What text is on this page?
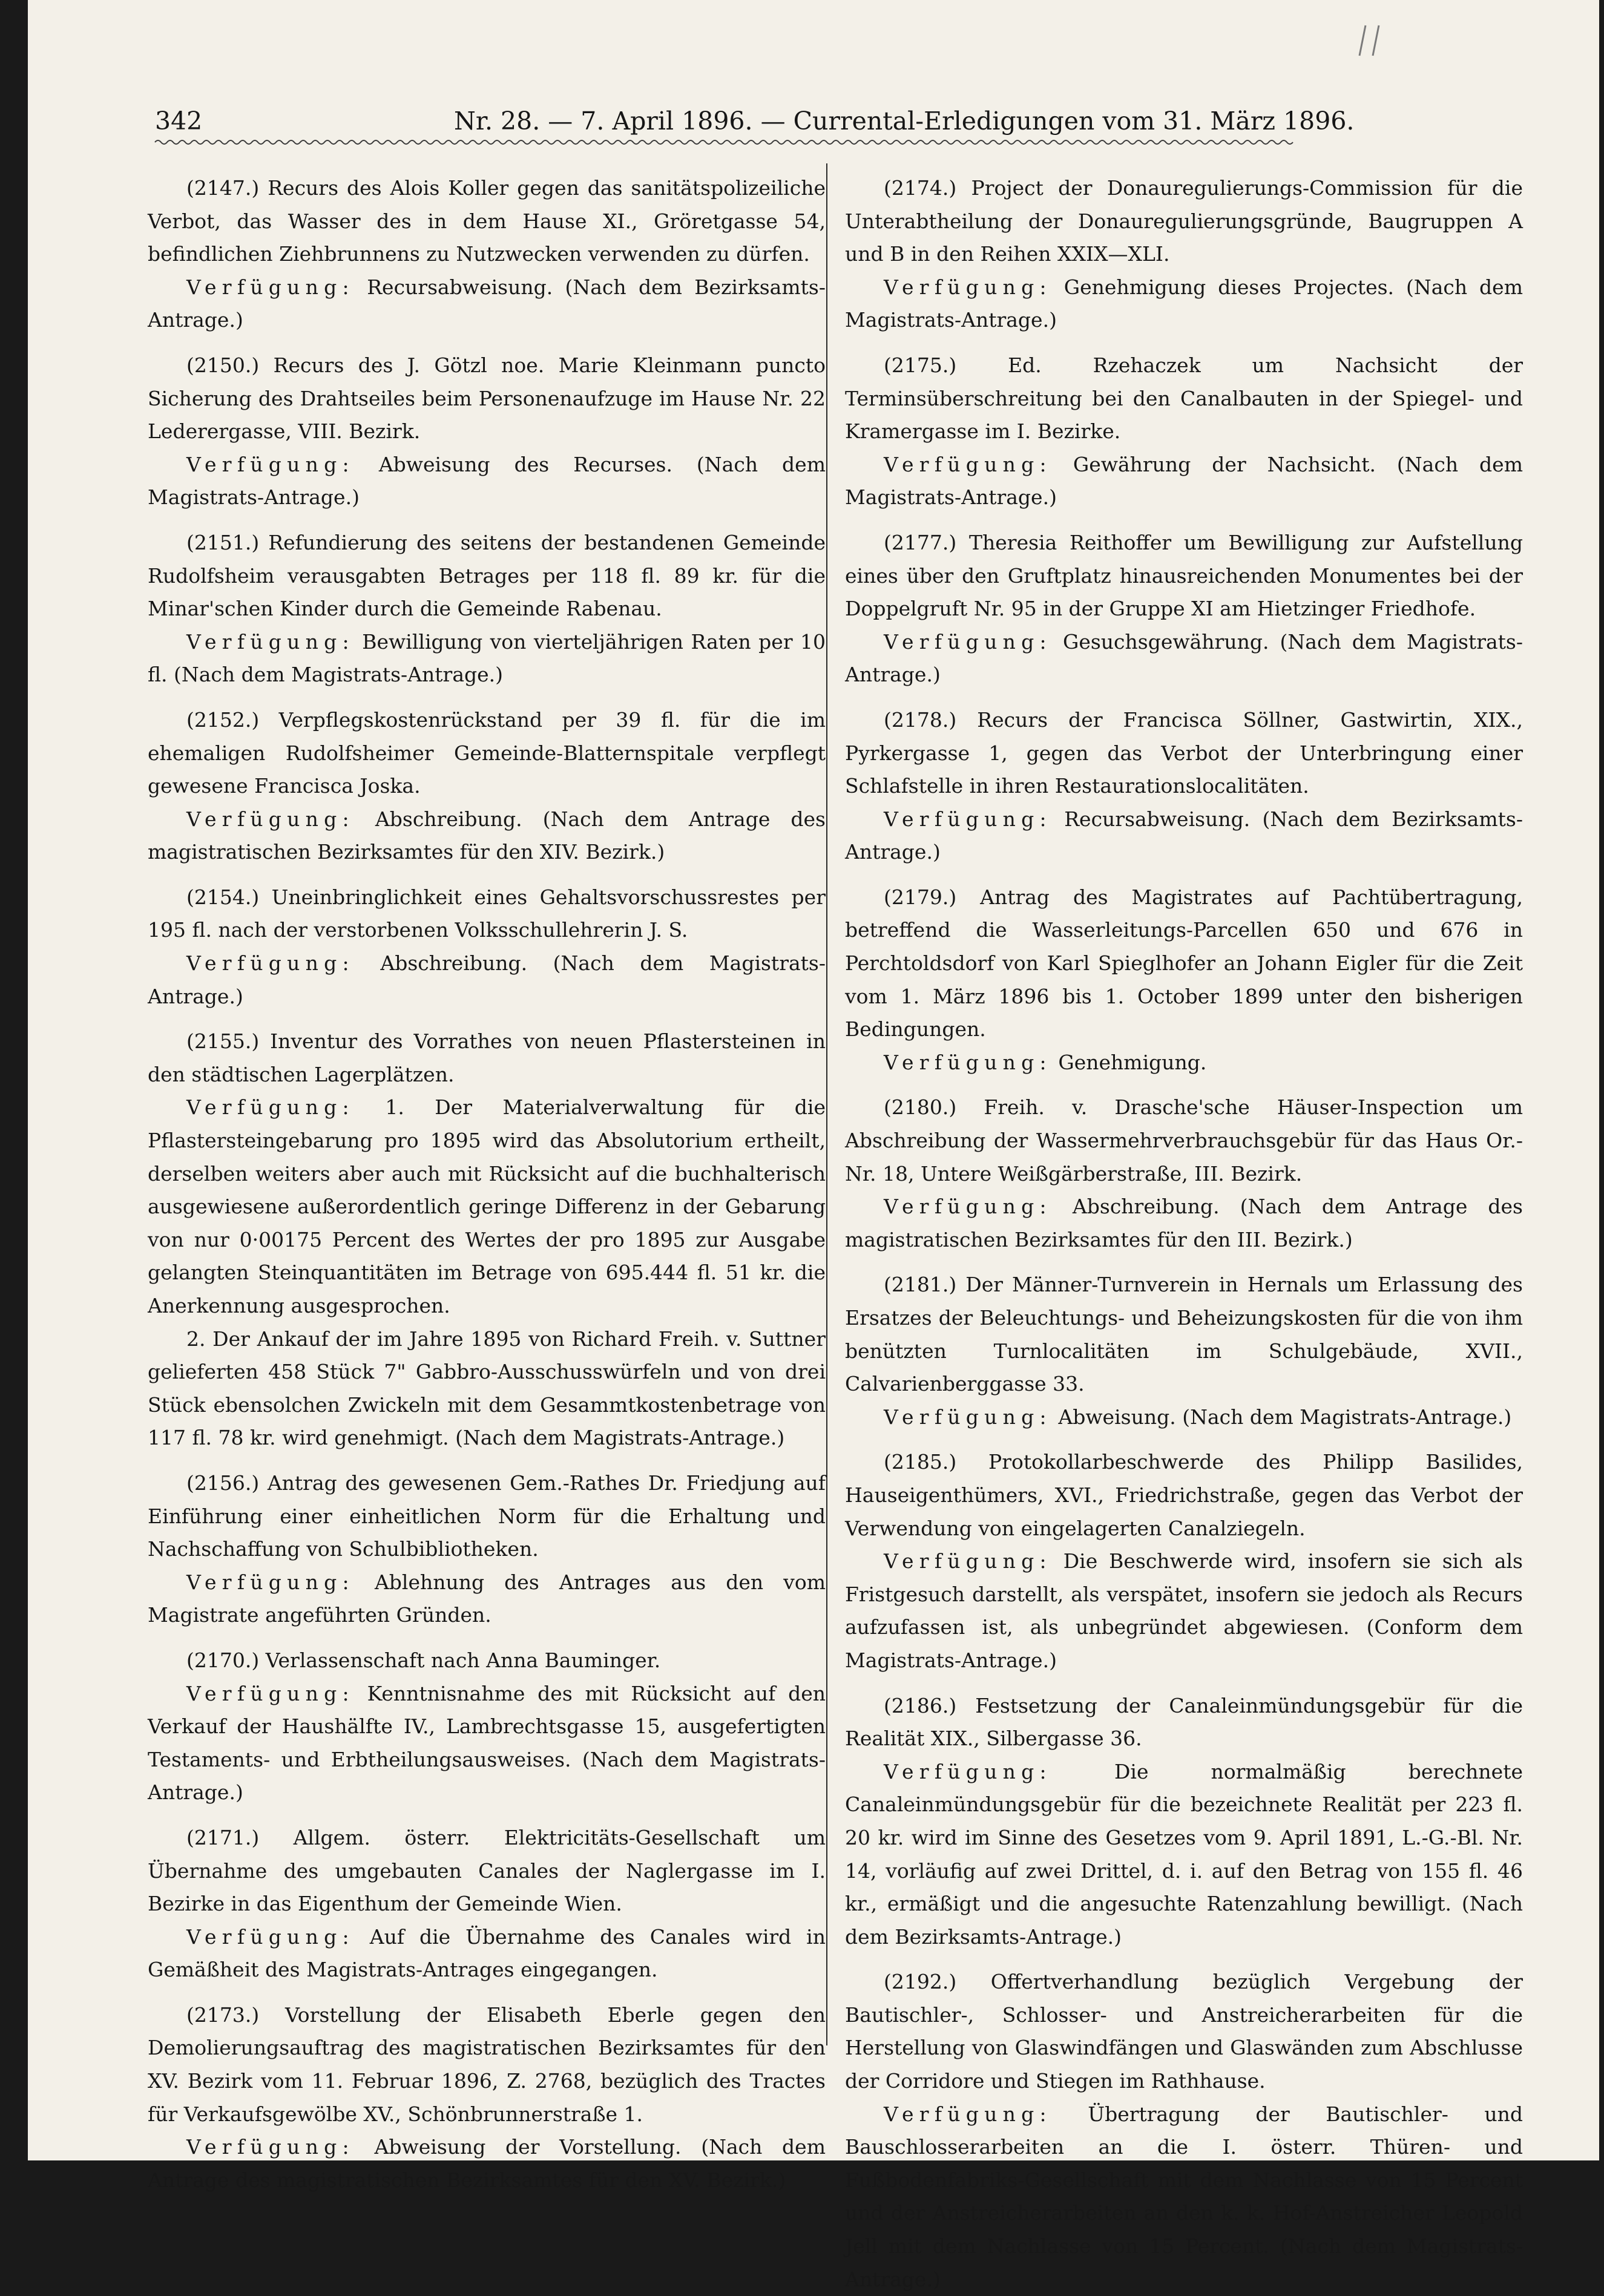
342	Nr. 28. — 7. April 1896. — Currental-Erledigungen vom 31. März 1896.

(2147.) Recurs des Alois Koller gegen das sanitätspolizeiliche Verbot, das Wasser des in dem Hause XI., Gröretgasse 54, befindlichen Ziehbrunnens zu Nutzwecken verwenden zu dürfen.

Verfügung: Recursabweisung. (Nach dem Bezirksamts-Antrage.)

(2150.) Recurs des J. Götzl noe. Marie Kleinmann puncto Sicherung des Drahtseiles beim Personenaufzuge im Hause Nr. 22 Lederergasse, VIII. Bezirk.

Verfügung: Abweisung des Recurses. (Nach dem Magistrats-Antrage.)

(2151.) Refundierung des seitens der bestandenen Gemeinde Rudolfsheim verausgabten Betrages per 118 fl. 89 kr. für die Minar'schen Kinder durch die Gemeinde Rabenau.

Verfügung: Bewilligung von vierteljährigen Raten per 10 fl. (Nach dem Magistrats-Antrage.)

(2152.) Verpflegskostenrückstand per 39 fl. für die im ehemaligen Rudolfsheimer Gemeinde-Blatternspitale verpflegt gewesene Franciscа Joska.

Verfügung: Abschreibung. (Nach dem Antrage des magistratischen Bezirksamtes für den XIV. Bezirk.)

(2154.) Uneinbringlichkeit eines Gehaltsvorschussrestes per 195 fl. nach der verstorbenen Volksschullehrerin J. S.

Verfügung: Abschreibung. (Nach dem Magistrats-Antrage.)

(2155.) Inventur des Vorrathes von neuen Pflastersteinen in den städtischen Lagerplätzen.

Verfügung: 1. Der Materialverwaltung für die Pflastersteingebarung pro 1895 wird das Absolutorium ertheilt, derselben weiters aber auch mit Rücksicht auf die buchhalterisch ausgewiesene außerordentlich geringe Differenz in der Gebarung von nur 0·00175 Percent des Wertes der pro 1895 zur Ausgabe gelangten Steinquantitäten im Betrage von 695.444 fl. 51 kr. die Anerkennung ausgesprochen.

2. Der Ankauf der im Jahre 1895 von Richard Freih. v. Suttner gelieferten 458 Stück 7" Gabbro-Ausschusswürfeln und von drei Stück ebensolchen Zwickeln mit dem Gesammtkostenbetrage von 117 fl. 78 kr. wird genehmigt. (Nach dem Magistrats-Antrage.)

(2156.) Antrag des gewesenen Gem.-Rathes Dr. Friedjung auf Einführung einer einheitlichen Norm für die Erhaltung und Nachschaffung von Schulbibliotheken.

Verfügung: Ablehnung des Antrages aus den vom Magistrate angeführten Gründen.

(2170.) Verlassenschaft nach Anna Bauminger.

Verfügung: Kenntnisnahme des mit Rücksicht auf den Verkauf der Haushälfte IV., Lambrechtsgasse 15, ausgefertigten Testaments- und Erbtheilungsausweises. (Nach dem Magistrats-Antrage.)

(2171.) Allgem. österr. Elektricitäts-Gesellschaft um Übernahme des umgebauten Canales der Naglergasse im I. Bezirke in das Eigenthum der Gemeinde Wien.

Verfügung: Auf die Übernahme des Canales wird in Gemäßheit des Magistrats-Antrages eingegangen.

(2173.) Vorstellung der Elisabeth Eberle gegen den Demolierungsauftrag des magistratischen Bezirksamtes für den XV. Bezirk vom 11. Februar 1896, Z. 2768, bezüglich des Tractes für Verkaufsgewölbe XV., Schönbrunnerstraße 1.

Verfügung: Abweisung der Vorstellung. (Nach dem Antrage des magistratischen Bezirksamtes für den XV. Bezirk.)

(2174.) Project der Donauregulierungs-Commission für die Unterabtheilung der Donauregulierungsgründe, Baugruppen A und B in den Reihen XXIX—XLI.

Verfügung: Genehmigung dieses Projectes. (Nach dem Magistrats-Antrage.)

(2175.) Ed. Rzehaczek um Nachsicht der Terminsüberschreitung bei den Canalbauten in der Spiegel- und Kramergasse im I. Bezirke.

Verfügung: Gewährung der Nachsicht. (Nach dem Magistrats-Antrage.)

(2177.) Theresia Reithoffer um Bewilligung zur Aufstellung eines über den Gruftplatz hinausreichenden Monumentes bei der Doppelgruft Nr. 95 in der Gruppe XI am Hietzinger Friedhofe.

Verfügung: Gesuchsgewährung. (Nach dem Magistrats-Antrage.)

(2178.) Recurs der Franciscа Söllner, Gastwirtin, XIX., Pyrkergasse 1, gegen das Verbot der Unterbringung einer Schlafstelle in ihren Restaurationslocalitäten.

Verfügung: Recursabweisung. (Nach dem Bezirksamts-Antrage.)

(2179.) Antrag des Magistrates auf Pachtübertragung, betreffend die Wasserleitungs-Parcellen 650 und 676 in Perchtoldsdorf von Karl Spieglhofer an Johann Eigler für die Zeit vom 1. März 1896 bis 1. October 1899 unter den bisherigen Bedingungen.

Verfügung: Genehmigung.

(2180.) Freih. v. Drasche'sche Häuser-Inspection um Abschreibung der Wassermehrverbrauchsgebür für das Haus Or.-Nr. 18, Untere Weißgärberstraße, III. Bezirk.

Verfügung: Abschreibung. (Nach dem Antrage des magistratischen Bezirksamtes für den III. Bezirk.)

(2181.) Der Männer-Turnverein in Hernals um Erlassung des Ersatzes der Beleuchtungs- und Beheizungskosten für die von ihm benützten Turnlocalitäten im Schulgebäude, XVII., Calvarienberggasse 33.

Verfügung: Abweisung. (Nach dem Magistrats-Antrage.)

(2185.) Protokollarbeschwerde des Philipp Basilides, Hauseigenthümers, XVI., Friedrichstraße, gegen das Verbot der Verwendung von eingelagerten Canalziegeln.

Verfügung: Die Beschwerde wird, insofern sie sich als Fristgesuch darstellt, als verspätet, insofern sie jedoch als Recurs aufzufassen ist, als unbegründet abgewiesen. (Conform dem Magistrats-Antrage.)

(2186.) Festsetzung der Canaleinmündungsgebür für die Realität XIX., Silbergasse 36.

Verfügung:	Die normalmäßig berechnete Canaleinmündungsgebür für die bezeichnete Realität per 223 fl. 20 kr. wird im Sinne des Gesetzes vom 9. April 1891, L.-G.-Bl. Nr. 14, vorläufig auf zwei Drittel, d. i. auf den Betrag von 155 fl. 46 kr., ermäßigt und die angesuchte Ratenzahlung bewilligt. (Nach dem Bezirksamts-Antrage.)

(2192.) Offertverhandlung bezüglich Vergebung der Bautischler-, Schlosser- und Anstreicherarbeiten für die Herstellung von Glaswindfängen und Glaswänden zum Abschlusse der Corridore und Stiegen im Rathhause.

Verfügung: Übertragung der Bautischler- und Bauschlosserarbeiten an die I. österr. Thüren- und Fußbodenfabriks-Gesellschaft mit dem Nachlasse von 15 Percent und der Anstreicherarbeiten an den k. k. Hof-Anstreicher Leopold Jell mit dem Nachlasse von 15 Percent. (Nach dem Magistrats-Antrage.)
